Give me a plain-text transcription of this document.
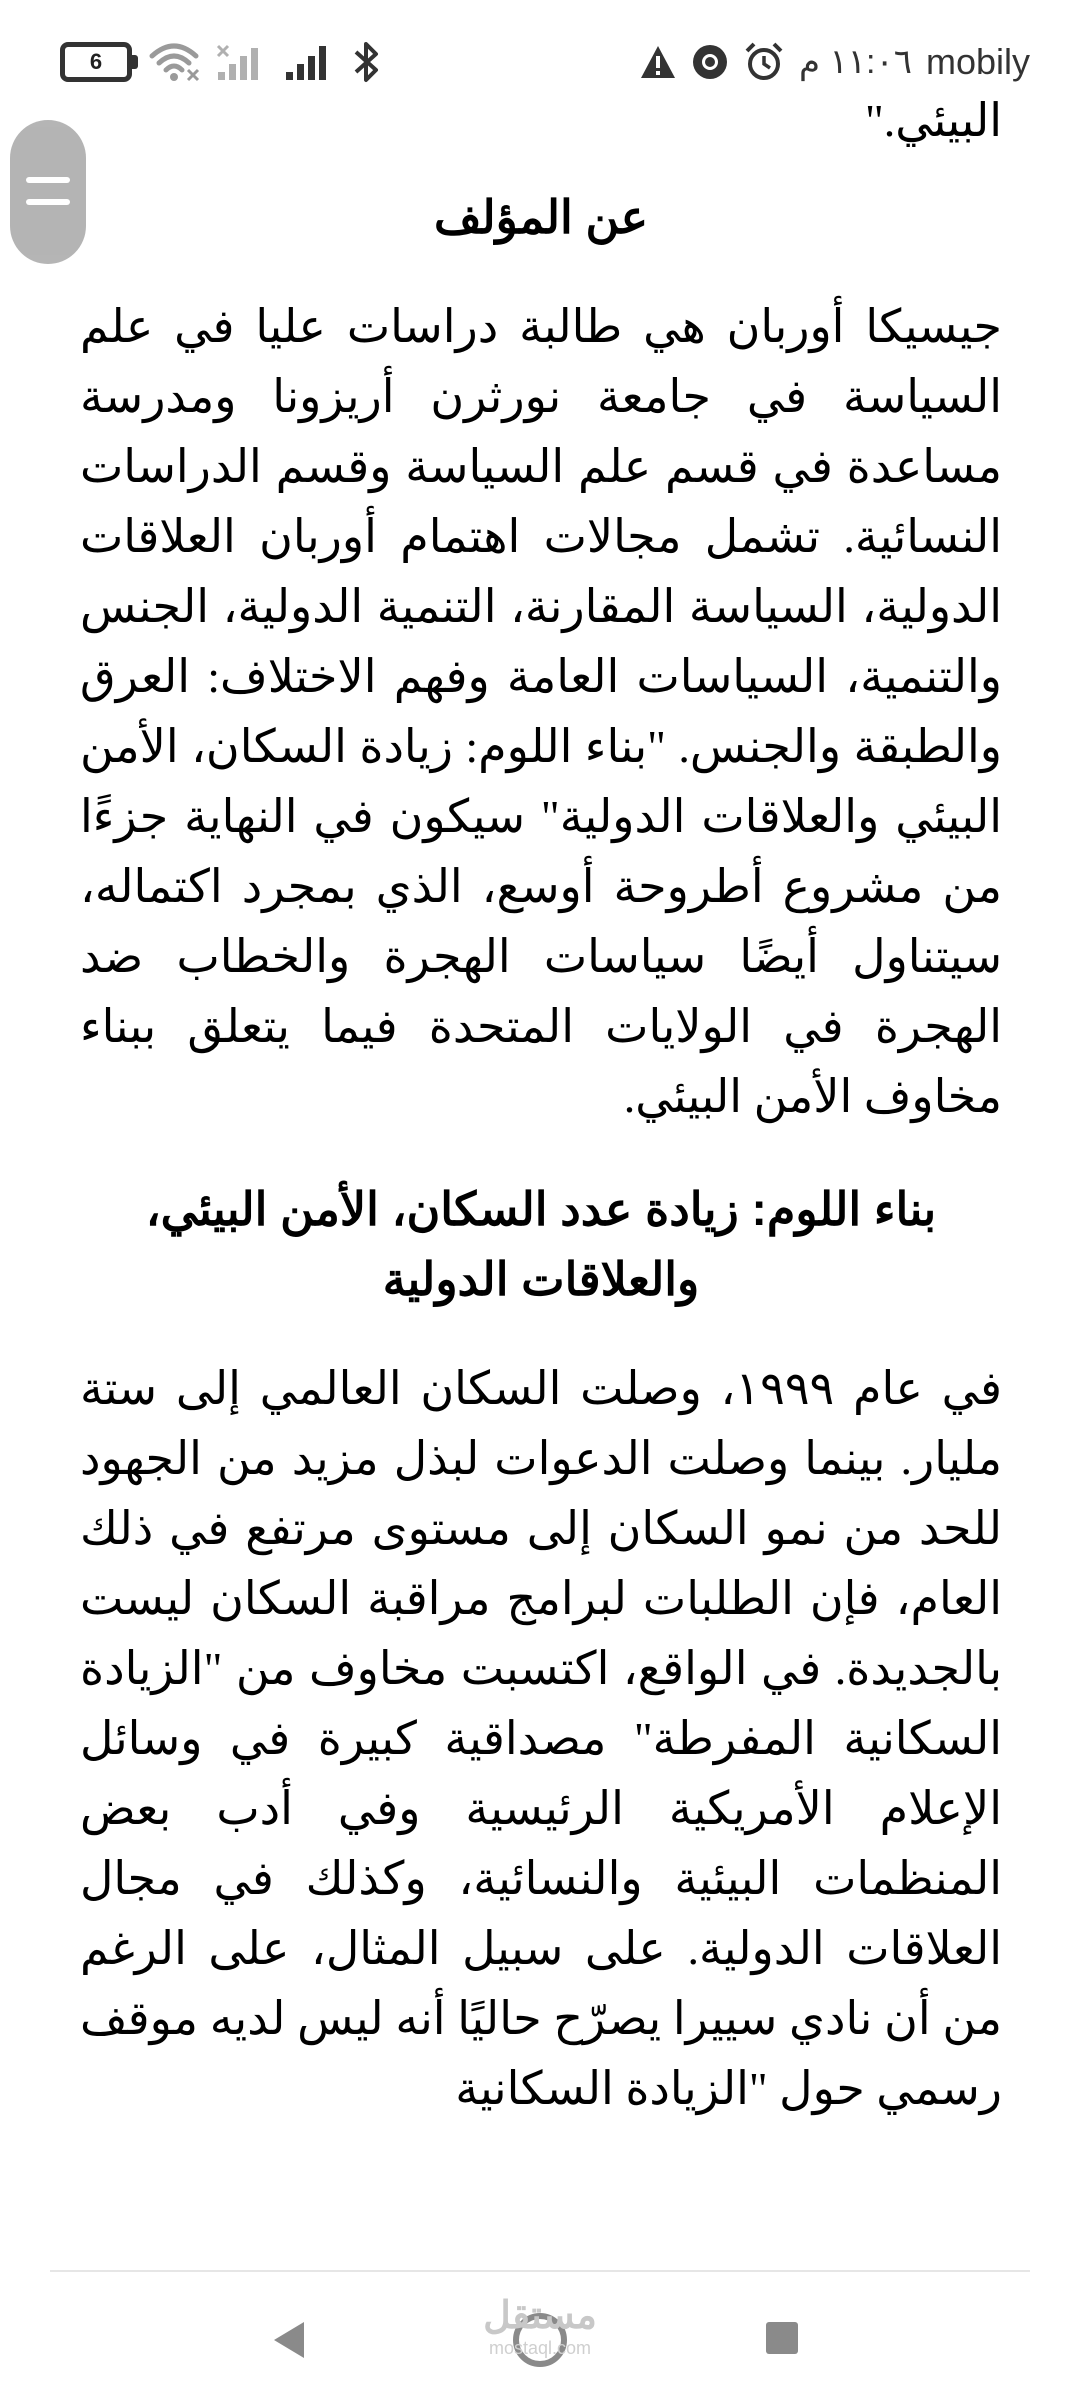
6	١١:٠٦ م mobily

البيئي."

عن المؤلف

جيسيكا أوربان هي طالبة دراسات عليا في علم السياسة في جامعة نورثرن أريزونا ومدرسة مساعدة في قسم علم السياسة وقسم الدراسات النسائية. تشمل مجالات اهتمام أوربان العلاقات الدولية، السياسة المقارنة، التنمية الدولية، الجنس والتنمية، السياسات العامة وفهم الاختلاف: العرق والطبقة والجنس. "بناء اللوم: زيادة السكان، الأمن البيئي والعلاقات الدولية" سيكون في النهاية جزءًا من مشروع أطروحة أوسع، الذي بمجرد اكتماله، سيتناول أيضًا سياسات الهجرة والخطاب ضد الهجرة في الولايات المتحدة فيما يتعلق ببناء مخاوف الأمن البيئي.

بناء اللوم: زيادة عدد السكان، الأمن البيئي، والعلاقات الدولية

في عام ١٩٩٩، وصلت السكان العالمي إلى ستة مليار. بينما وصلت الدعوات لبذل مزيد من الجهود للحد من نمو السكان إلى مستوى مرتفع في ذلك العام، فإن الطلبات لبرامج مراقبة السكان ليست بالجديدة. في الواقع، اكتسبت مخاوف من "الزيادة السكانية المفرطة" مصداقية كبيرة في وسائل الإعلام الأمريكية الرئيسية وفي أدب بعض المنظمات البيئية والنسائية، وكذلك في مجال العلاقات الدولية. على سبيل المثال، على الرغم من أن نادي سييرا يصرّح حاليًا أنه ليس لديه موقف رسمي حول "الزيادة السكانية

مستقل
mostaql.com
